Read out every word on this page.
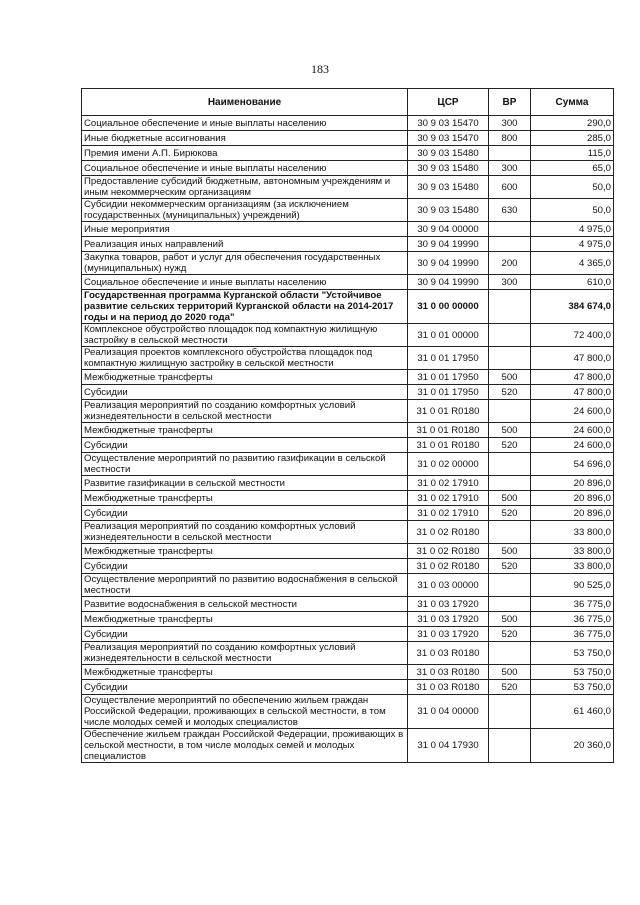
183
Наименование	ЦСР	ВР	Сумма
Социальное обеспечение и иные выплаты населению	30 9 03 15470	300	290,0
Иные бюджетные ассигнования	30 9 03 15470	800	285,0
Премия имени А.П. Бирюкова	30 9 03 15480		115,0
Социальное обеспечение и иные выплаты населению	30 9 03 15480	300	65,0
Предоставление субсидий бюджетным, автономным учреждениям и иным некоммерческим организациям	30 9 03 15480	600	50,0
Субсидии некоммерческим организациям (за исключением государственных (муниципальных) учреждений)	30 9 03 15480	630	50,0
Иные мероприятия	30 9 04 00000		4 975,0
Реализация иных направлений	30 9 04 19990		4 975,0
Закупка товаров, работ и услуг для обеспечения государственных (муниципальных) нужд	30 9 04 19990	200	4 365,0
Социальное обеспечение и иные выплаты населению	30 9 04 19990	300	610,0
Государственная программа Курганской области "Устойчивое развитие сельских территорий Курганской области на 2014-2017 годы и на период до 2020 года"	31 0 00 00000		384 674,0
Комплексное обустройство площадок под компактную жилищную застройку в сельской местности	31 0 01 00000		72 400,0
Реализация проектов комплексного обустройства площадок под компактную жилищную застройку в сельской местности	31 0 01 17950		47 800,0
Межбюджетные трансферты	31 0 01 17950	500	47 800,0
Субсидии	31 0 01 17950	520	47 800,0
Реализация мероприятий по созданию комфортных условий жизнедеятельности в сельской местности	31 0 01 R0180		24 600,0
Межбюджетные трансферты	31 0 01 R0180	500	24 600,0
Субсидии	31 0 01 R0180	520	24 600,0
Осуществление мероприятий по развитию газификации в сельской местности	31 0 02 00000		54 696,0
Развитие газификации в сельской местности	31 0 02 17910		20 896,0
Межбюджетные трансферты	31 0 02 17910	500	20 896,0
Субсидии	31 0 02 17910	520	20 896,0
Реализация мероприятий по созданию комфортных условий жизнедеятельности в сельской местности	31 0 02 R0180		33 800,0
Межбюджетные трансферты	31 0 02 R0180	500	33 800,0
Субсидии	31 0 02 R0180	520	33 800,0
Осуществление мероприятий по развитию водоснабжения в сельской местности	31 0 03 00000		90 525,0
Развитие водоснабжения в сельской местности	31 0 03 17920		36 775,0
Межбюджетные трансферты	31 0 03 17920	500	36 775,0
Субсидии	31 0 03 17920	520	36 775,0
Реализация мероприятий по созданию комфортных условий жизнедеятельности в сельской местности	31 0 03 R0180		53 750,0
Межбюджетные трансферты	31 0 03 R0180	500	53 750,0
Субсидии	31 0 03 R0180	520	53 750,0
Осуществление мероприятий по обеспечению жильем граждан Российской Федерации, проживающих в сельской местности, в том числе молодых семей и молодых специалистов	31 0 04 00000		61 460,0
Обеспечение жильем граждан Российской Федерации, проживающих в сельской местности, в том числе молодых семей и молодых специалистов	31 0 04 17930		20 360,0
